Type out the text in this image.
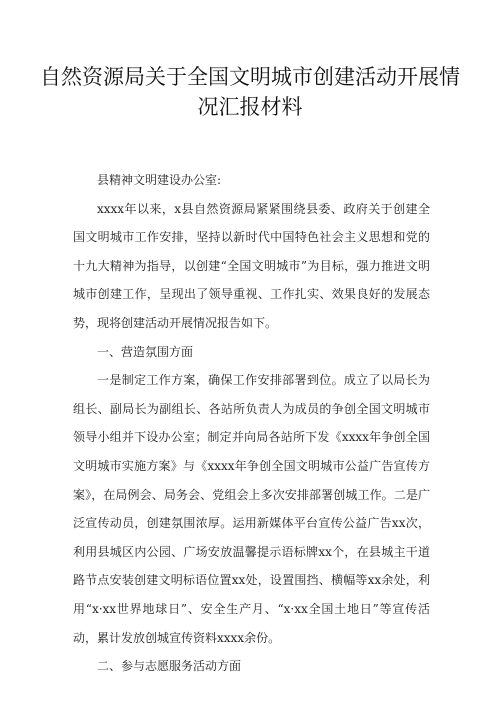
自然资源局关于全国文明城市创建活动开展情况汇报材料

县精神文明建设办公室:

xxxx年以来，x县自然资源局紧紧围绕县委、政府关于创建全国文明城市工作安排，坚持以新时代中国特色社会主义思想和党的十九大精神为指导，以创建“全国文明城市”为目标，强力推进文明城市创建工作，呈现出了领导重视、工作扎实、效果良好的发展态势，现将创建活动开展情况报告如下。

一、营造氛围方面

一是制定工作方案，确保工作安排部署到位。成立了以局长为组长、副局长为副组长、各站所负责人为成员的争创全国文明城市领导小组并下设办公室；制定并向局各站所下发《xxxx年争创全国文明城市实施方案》与《xxxx年争创全国文明城市公益广告宣传方案》，在局例会、局务会、党组会上多次安排部署创城工作。二是广泛宣传动员，创建氛围浓厚。运用新媒体平台宣传公益广告xx次，利用县城区内公园、广场安放温馨提示语标牌xx个，在县城主干道路节点安装创建文明标语位置xx处，设置围挡、横幅等xx余处，利用“x·xx世界地球日”、安全生产月、“x·xx全国土地日”等宣传活动，累计发放创城宣传资料xxxx余份。

二、参与志愿服务活动方面
